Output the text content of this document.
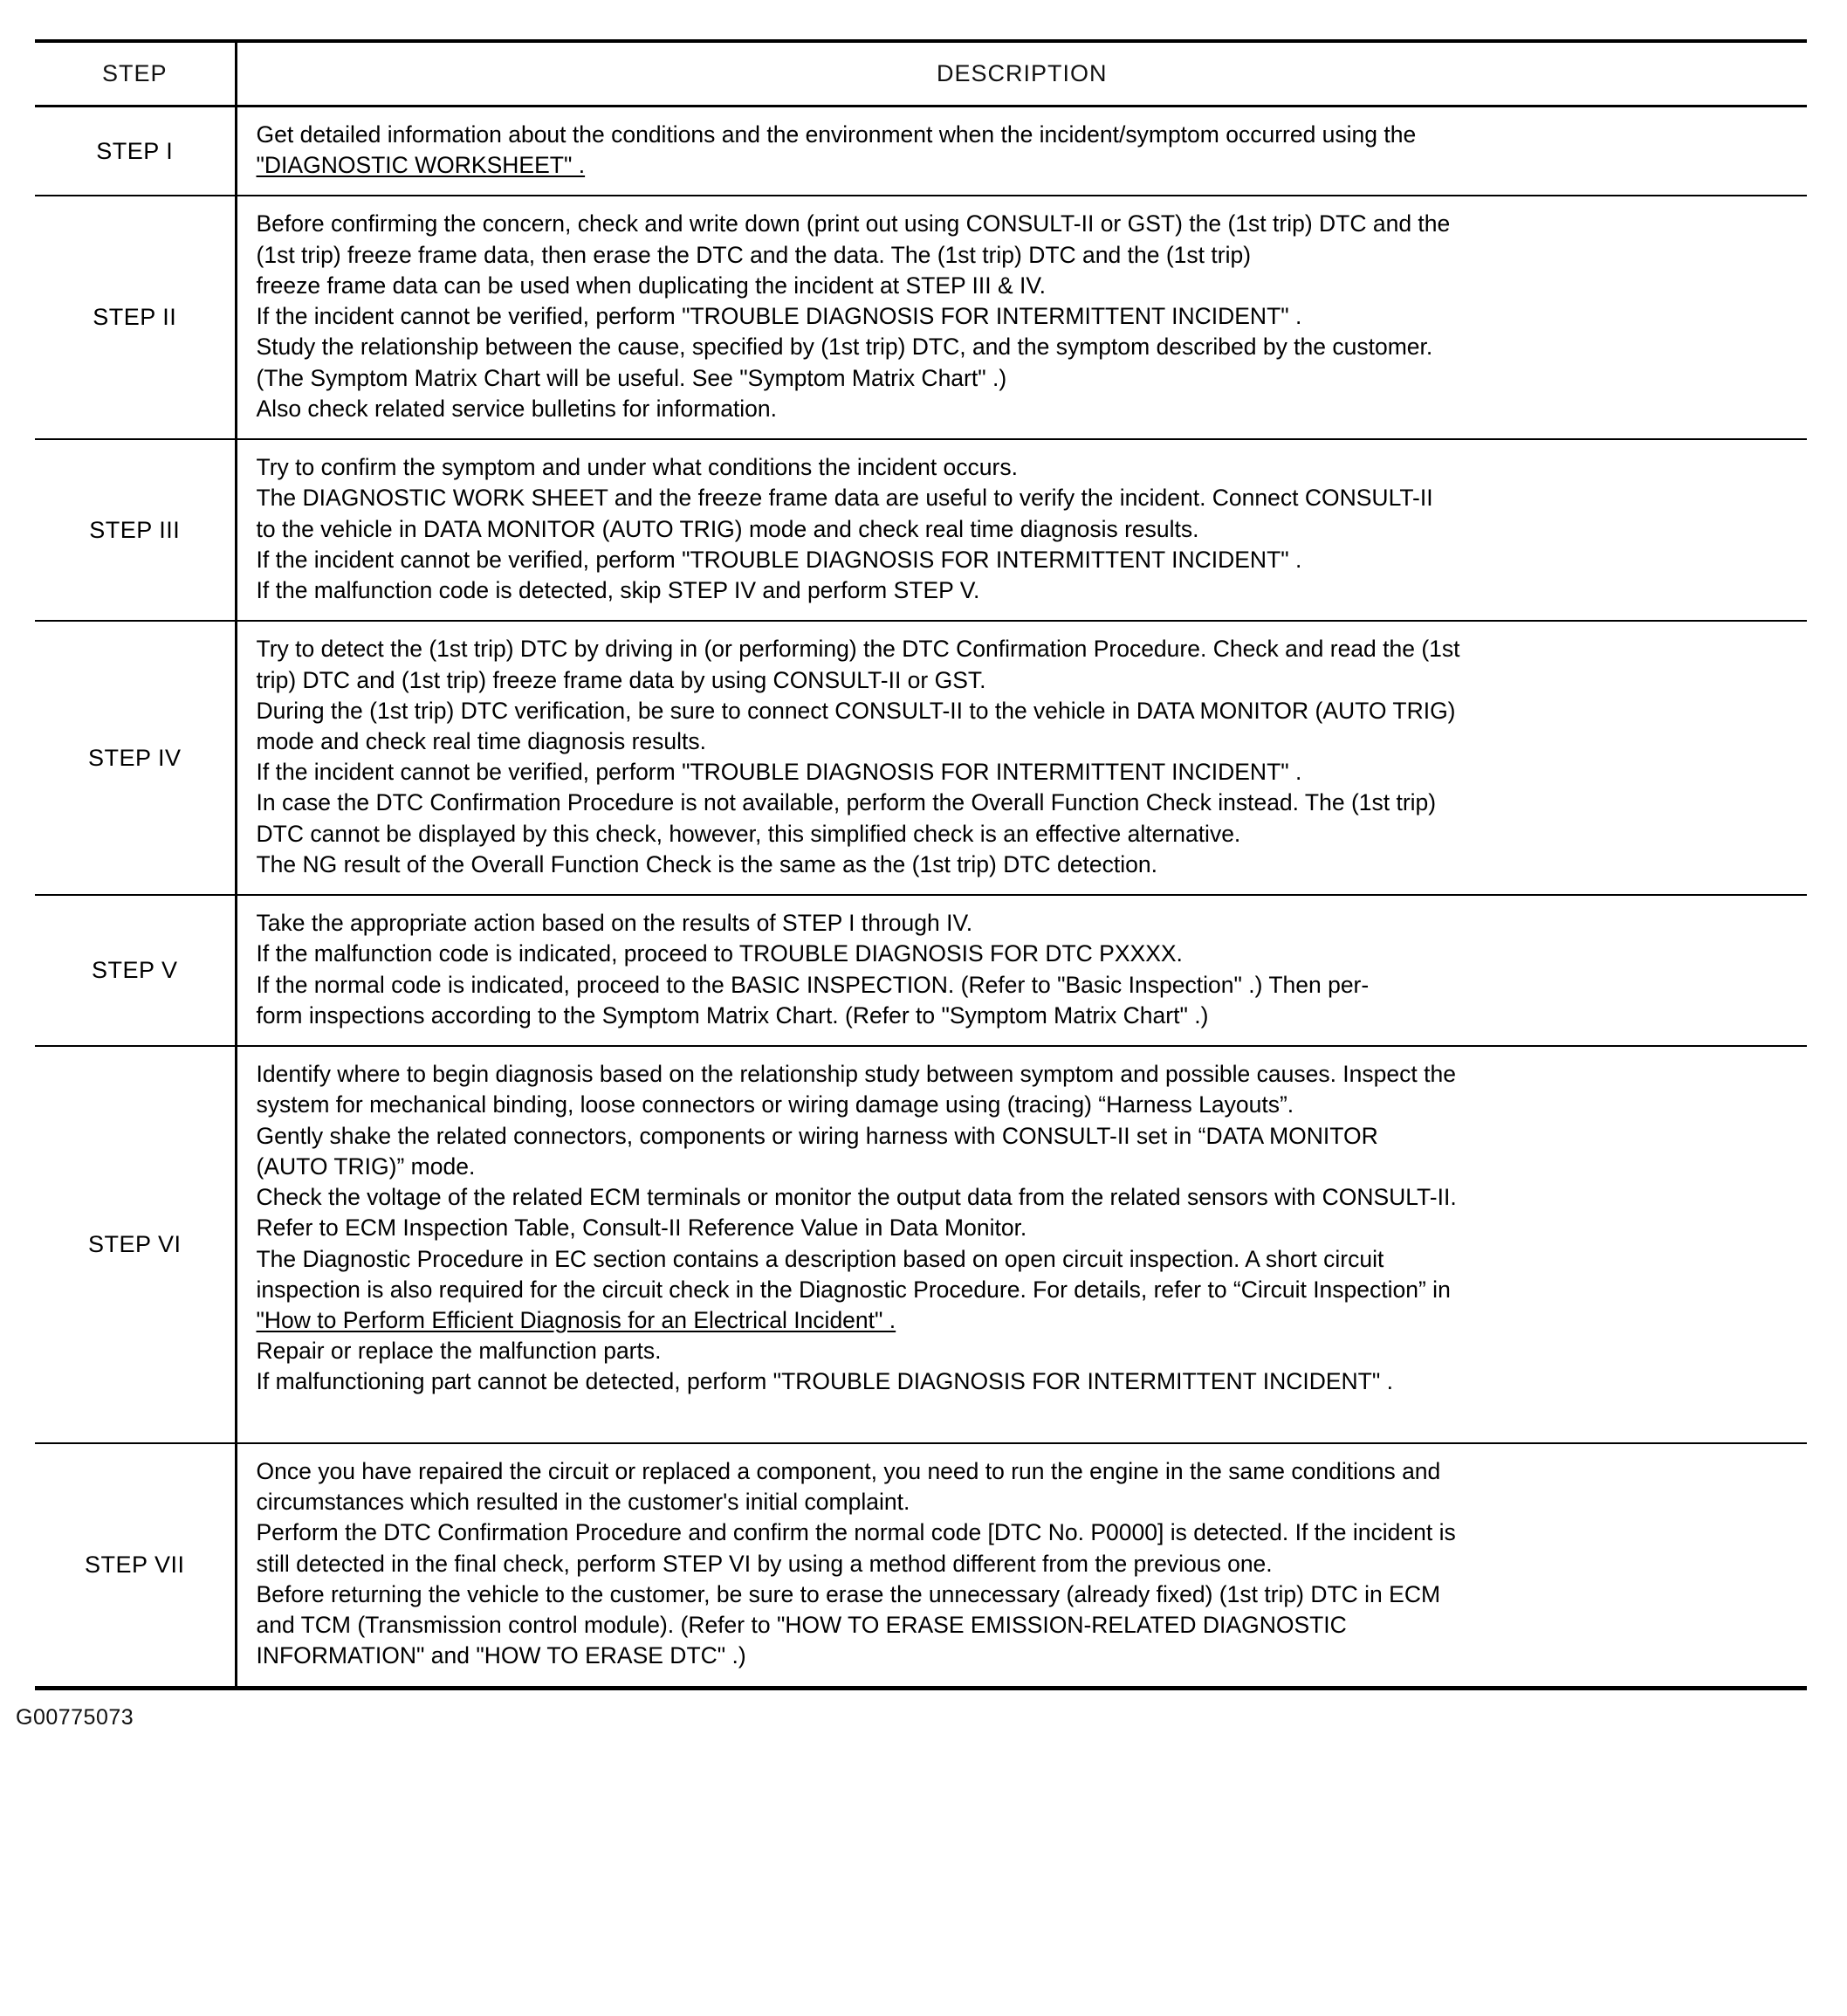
STEP	DESCRIPTION

STEP I	Get detailed information about the conditions and the environment when the incident/symptom occurred using the

"DIAGNOSTIC WORKSHEET" .

STEP II	

Before confirming the concern, check and write down (print out using CONSULT-II or GST) the (1st trip) DTC and the

(1st trip) freeze frame data, then erase the DTC and the data. The (1st trip) DTC and the (1st trip)

freeze frame data can be used when duplicating the incident at STEP III & IV.

If the incident cannot be verified, perform "TROUBLE DIAGNOSIS FOR INTERMITTENT INCIDENT" .

Study the relationship between the cause, specified by (1st trip) DTC, and the symptom described by the customer.

(The Symptom Matrix Chart will be useful. See "Symptom Matrix Chart" .)

Also check related service bulletins for information.

STEP III	Try to confirm the symptom and under what conditions the incident occurs.

The DIAGNOSTIC WORK SHEET and the freeze frame data are useful to verify the incident. Connect CONSULT-II

to the vehicle in DATA MONITOR (AUTO TRIG) mode and check real time diagnosis results.

If the incident cannot be verified, perform "TROUBLE DIAGNOSIS FOR INTERMITTENT INCIDENT" .

If the malfunction code is detected, skip STEP IV and perform STEP V.

STEP IV	

Try to detect the (1st trip) DTC by driving in (or performing) the DTC Confirmation Procedure. Check and read the (1st

trip) DTC and (1st trip) freeze frame data by using CONSULT-II or GST.

During the (1st trip) DTC verification, be sure to connect CONSULT-II to the vehicle in DATA MONITOR (AUTO TRIG)

mode and check real time diagnosis results.

If the incident cannot be verified, perform "TROUBLE DIAGNOSIS FOR INTERMITTENT INCIDENT" .

In case the DTC Confirmation Procedure is not available, perform the Overall Function Check instead. The (1st trip)

DTC cannot be displayed by this check, however, this simplified check is an effective alternative.

The NG result of the Overall Function Check is the same as the (1st trip) DTC detection.

STEP V	Take the appropriate action based on the results of STEP I through IV.

If the malfunction code is indicated, proceed to TROUBLE DIAGNOSIS FOR DTC PXXXX.

If the normal code is indicated, proceed to the BASIC INSPECTION. (Refer to "Basic Inspection" .) Then per-

form inspections according to the Symptom Matrix Chart. (Refer to "Symptom Matrix Chart" .)

STEP VI	

Identify where to begin diagnosis based on the relationship study between symptom and possible causes. Inspect the

system for mechanical binding, loose connectors or wiring damage using (tracing) “Harness Layouts”.

Gently shake the related connectors, components or wiring harness with CONSULT-II set in “DATA MONITOR

(AUTO TRIG)” mode.

Check the voltage of the related ECM terminals or monitor the output data from the related sensors with CONSULT-II.

Refer to ECM Inspection Table, Consult-II Reference Value in Data Monitor.

The Diagnostic Procedure in EC section contains a description based on open circuit inspection. A short circuit

inspection is also required for the circuit check in the Diagnostic Procedure. For details, refer to “Circuit Inspection” in

"How to Perform Efficient Diagnosis for an Electrical Incident" .

Repair or replace the malfunction parts.

If malfunctioning part cannot be detected, perform "TROUBLE DIAGNOSIS FOR INTERMITTENT INCIDENT" .

STEP VII	

Once you have repaired the circuit or replaced a component, you need to run the engine in the same conditions and

circumstances which resulted in the customer's initial complaint.

Perform the DTC Confirmation Procedure and confirm the normal code [DTC No. P0000] is detected. If the incident is

still detected in the final check, perform STEP VI by using a method different from the previous one.

Before returning the vehicle to the customer, be sure to erase the unnecessary (already fixed) (1st trip) DTC in ECM

and TCM (Transmission control module). (Refer to "HOW TO ERASE EMISSION-RELATED DIAGNOSTIC

INFORMATION" and "HOW TO ERASE DTC" .)

G00775073
